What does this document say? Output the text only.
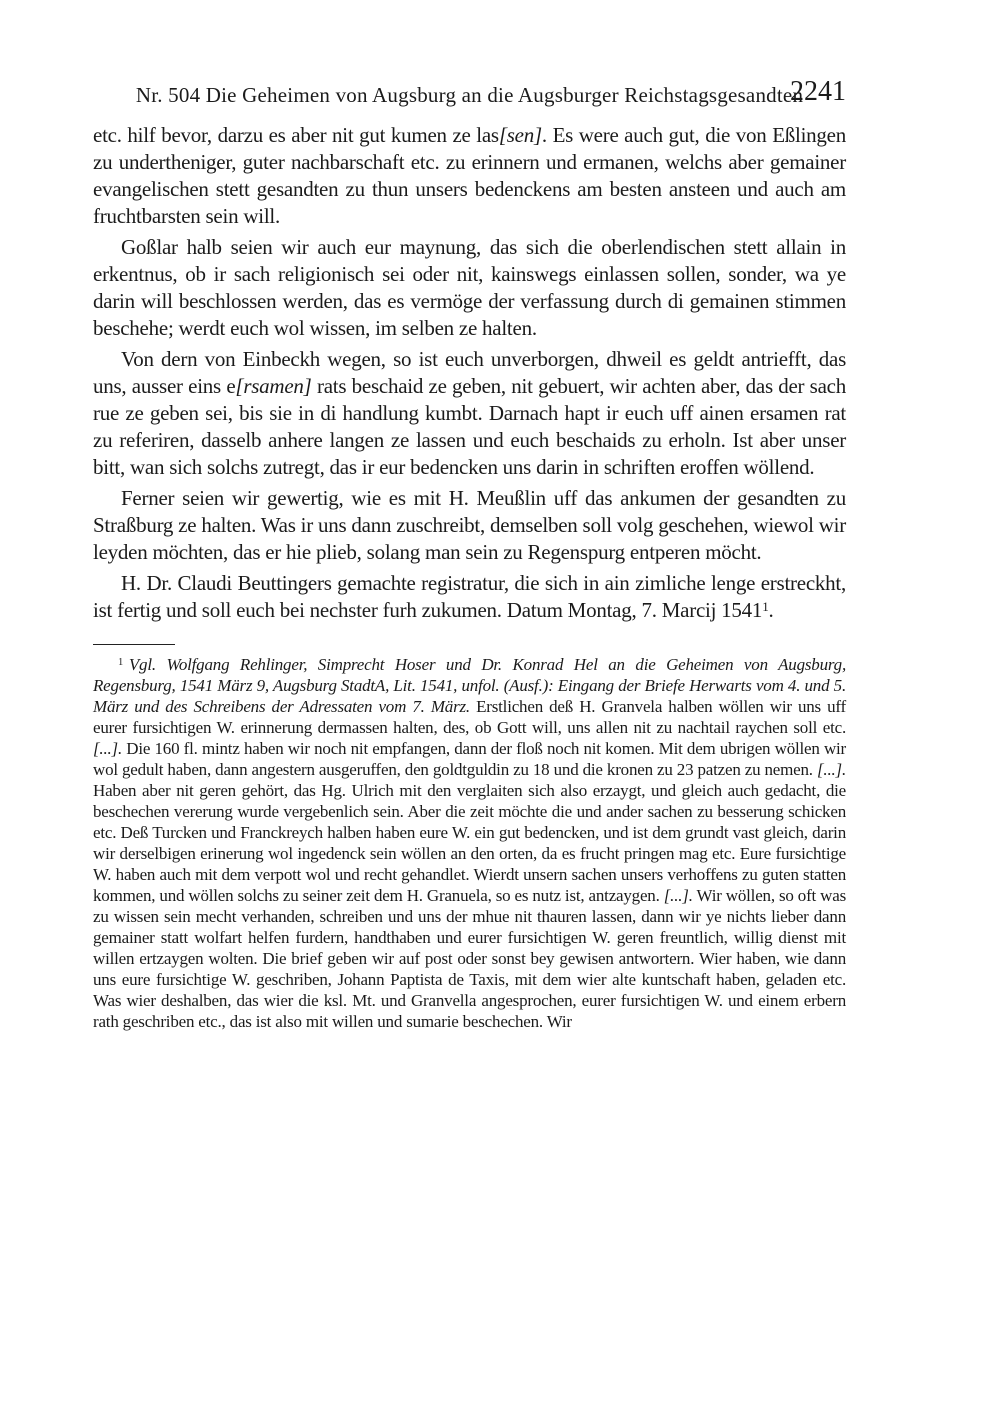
Nr. 504 Die Geheimen von Augsburg an die Augsburger Reichstagsgesandten
2241

etc. hilf bevor, darzu es aber nit gut kumen ze las[sen]. Es were auch gut, die von Eßlingen zu undertheniger, guter nachbarschaft etc. zu erinnern und ermanen, welchs aber gemainer evangelischen stett gesandten zu thun unsers bedenckens am besten ansteen und auch am fruchtbarsten sein will.

Goßlar halb seien wir auch eur maynung, das sich die oberlendischen stett allain in erkentnus, ob ir sach religionisch sei oder nit, kainswegs einlassen sollen, sonder, wa ye darin will beschlossen werden, das es vermöge der verfassung durch di gemainen stimmen beschehe; werdt euch wol wissen, im selben ze halten.

Von dern von Einbeckh wegen, so ist euch unverborgen, dhweil es geldt antriefft, das uns, ausser eins e[rsamen] rats beschaid ze geben, nit gebuert, wir achten aber, das der sach rue ze geben sei, bis sie in di handlung kumbt. Darnach hapt ir euch uff ainen ersamen rat zu referiren, dasselb anhere langen ze lassen und euch beschaids zu erholn. Ist aber unser bitt, wan sich solchs zutregt, das ir eur bedencken uns darin in schriften eroffen wöllend.

Ferner seien wir gewertig, wie es mit H. Meußlin uff das ankumen der gesandten zu Straßburg ze halten. Was ir uns dann zuschreibt, demselben soll volg geschehen, wiewol wir leyden möchten, das er hie plieb, solang man sein zu Regenspurg entperen möcht.

H. Dr. Claudi Beuttingers gemachte registratur, die sich in ain zimliche lenge erstreckht, ist fertig und soll euch bei nechster furh zukumen. Datum Montag, 7. Marcij 1541$^1$.

$^1$ Vgl. Wolfgang Rehlinger, Simprecht Hoser und Dr. Konrad Hel an die Geheimen von Augsburg, Regensburg, 1541 März 9, Augsburg StadtA, Lit. 1541, unfol. (Ausf.): Eingang der Briefe Herwarts vom 4. und 5. März und des Schreibens der Adressaten vom 7. März. Erstlichen deß H. Granvela halben wöllen wir uns uff eurer fursichtigen W. erinnerung dermassen halten, des, ob Gott will, uns allen nit zu nachtail raychen soll etc. [...]. Die 160 fl. mintz haben wir noch nit empfangen, dann der floß noch nit komen. Mit dem ubrigen wöllen wir wol gedult haben, dann angestern ausgeruffen, den goldtguldin zu 18 und die kronen zu 23 patzen zu nemen. [...]. Haben aber nit geren gehört, das Hg. Ulrich mit den verglaiten sich also erzaygt, und gleich auch gedacht, die beschechen vererung wurde vergebenlich sein. Aber die zeit möchte die und ander sachen zu besserung schicken etc. Deß Turcken und Franckreych halben haben eure W. ein gut bedencken, und ist dem grundt vast gleich, darin wir derselbigen erinerung wol ingedenck sein wöllen an den orten, da es frucht pringen mag etc. Eure fursichtige W. haben auch mit dem verpott wol und recht gehandlet. Wierdt unsern sachen unsers verhoffens zu guten statten kommen, und wöllen solchs zu seiner zeit dem H. Granuela, so es nutz ist, antzaygen. [...]. Wir wöllen, so oft was zu wissen sein mecht verhanden, schreiben und uns der mhue nit thauren lassen, dann wir ye nichts lieber dann gemainer statt wolfart helfen furdern, handthaben und eurer fursichtigen W. geren freuntlich, willig dienst mit willen ertzaygen wolten. Die brief geben wir auf post oder sonst bey gewisen antwortern. Wier haben, wie dann uns eure fursichtige W. geschriben, Johann Paptista de Taxis, mit dem wier alte kuntschaft haben, geladen etc. Was wier deshalben, das wier die ksl. Mt. und Granvella angesprochen, eurer fursichtigen W. und einem erbern rath geschriben etc., das ist also mit willen und sumarie beschechen. Wir
